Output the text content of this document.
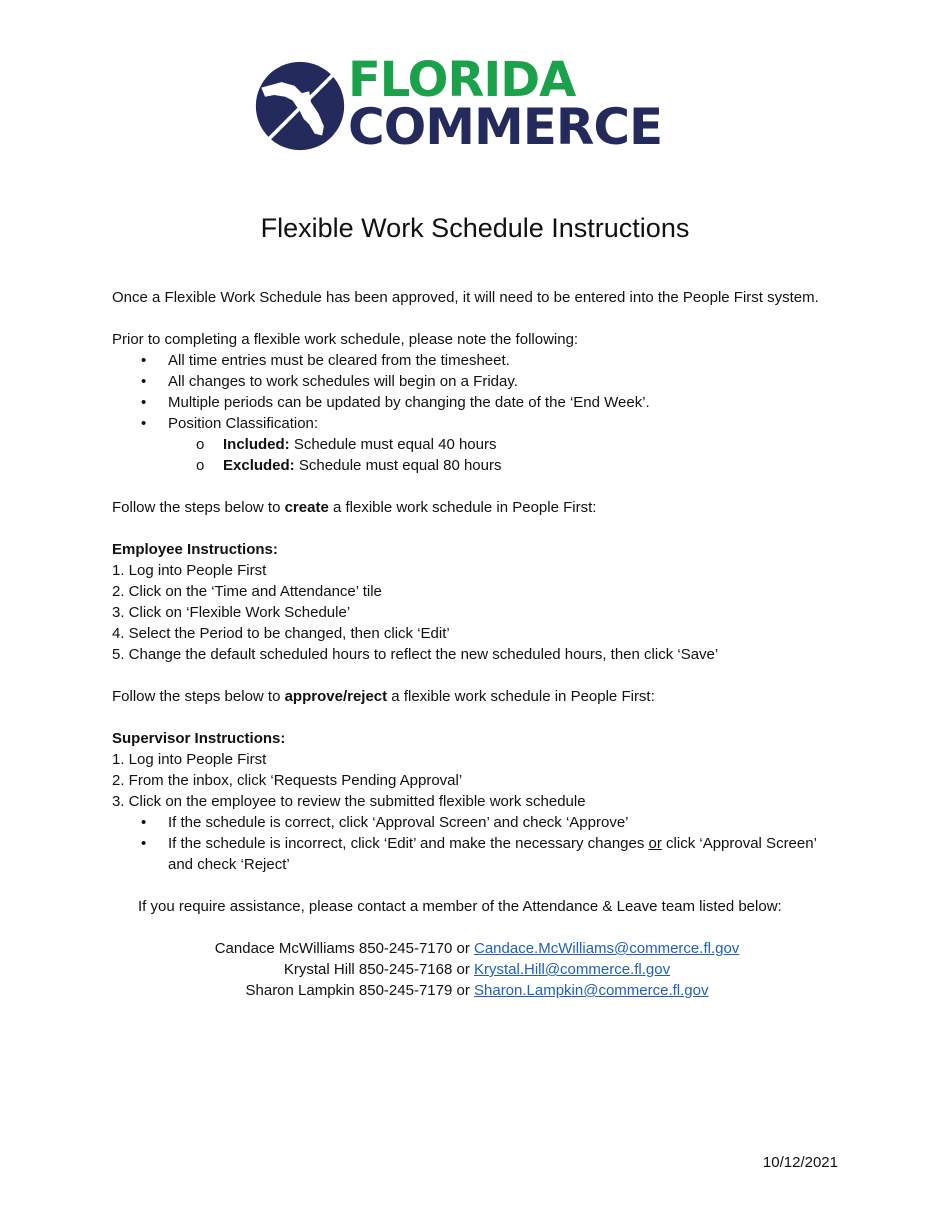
FLORIDA
COMMERCE
Flexible Work Schedule Instructions

Once a Flexible Work Schedule has been approved, it will need to be entered into the People First system.

Prior to completing a flexible work schedule, please note the following:

• All time entries must be cleared from the timesheet.
• All changes to work schedules will begin on a Friday.
• Multiple periods can be updated by changing the date of the ‘End Week’.
• Position Classification:
o Included: Schedule must equal 40 hours
o Excluded: Schedule must equal 80 hours

Follow the steps below to create a flexible work schedule in People First:

Employee Instructions:

1. Log into People First

2. Click on the ‘Time and Attendance’ tile

3. Click on ‘Flexible Work Schedule’

4. Select the Period to be changed, then click ‘Edit’

5. Change the default scheduled hours to reflect the new scheduled hours, then click ‘Save’

Follow the steps below to approve/reject a flexible work schedule in People First:

Supervisor Instructions:

1. Log into People First

2. From the inbox, click ‘Requests Pending Approval’

3. Click on the employee to review the submitted flexible work schedule

• If the schedule is correct, click ‘Approval Screen’ and check ‘Approve’
• If the schedule is incorrect, click ‘Edit’ and make the necessary changes or click ‘Approval Screen’ and check ‘Reject’

If you require assistance, please contact a member of the Attendance & Leave team listed below:

Candace McWilliams 850-245-7170 or Candace.McWilliams@commerce.fl.gov

Krystal Hill 850-245-7168 or Krystal.Hill@commerce.fl.gov

Sharon Lampkin 850-245-7179 or Sharon.Lampkin@commerce.fl.gov

10/12/2021
